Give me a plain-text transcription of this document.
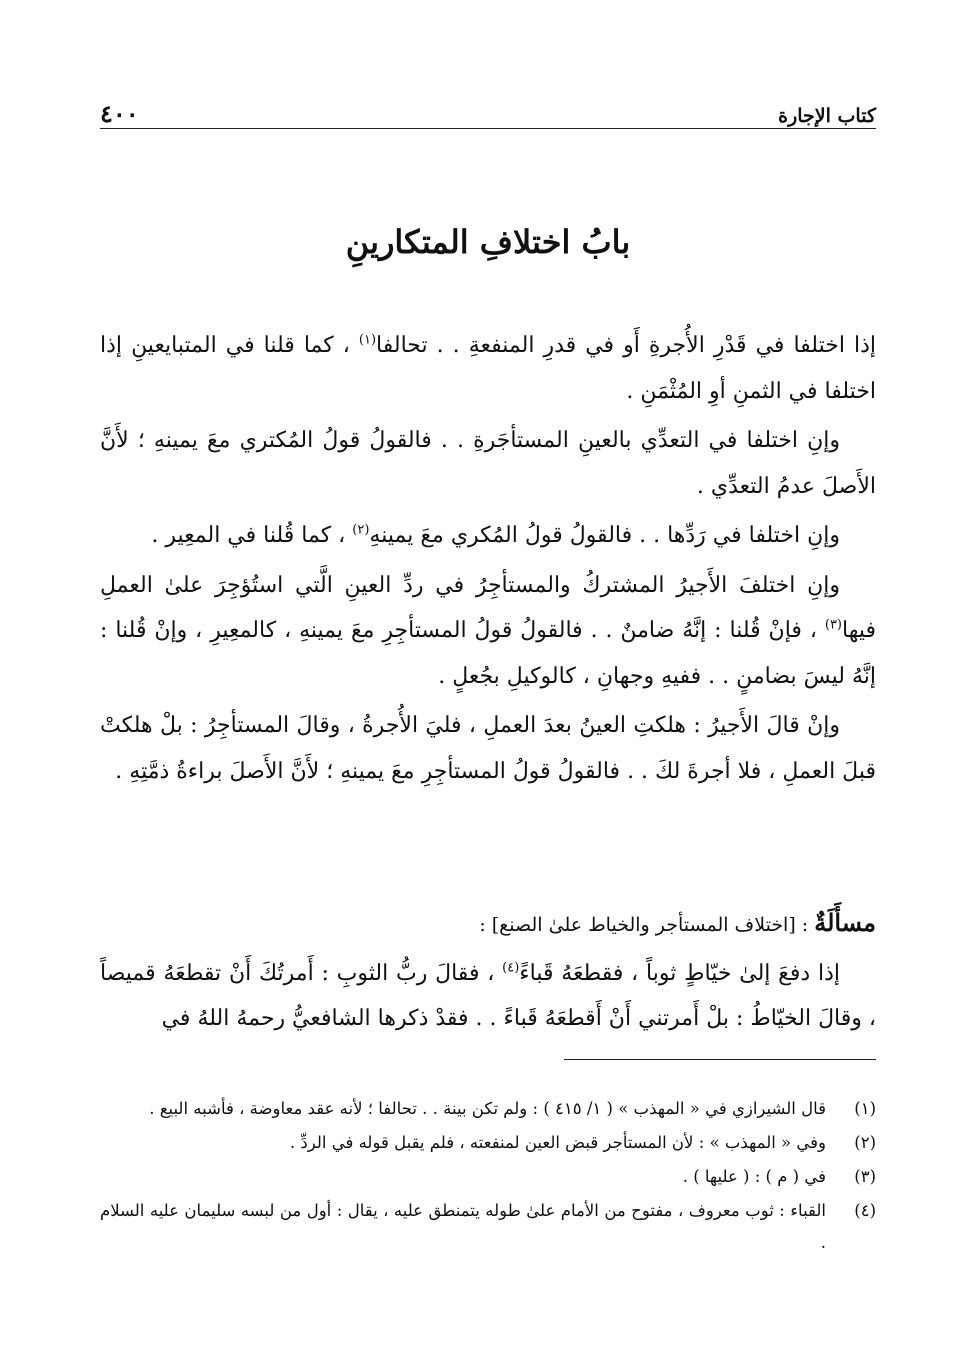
كتاب الإجارة
٤٠٠
بابُ اختلافِ المتكارينِ

إذا اختلفا في قَدْرِ الأُجرةِ أَو في قدرِ المنفعةِ . . تحالفا$^{(١)}$ ، كما قلنا في المتبايعينِ إذا اختلفا في الثمنِ أوِ المُثْمَنِ .

وإنِ اختلفا في التعدِّي بالعينِ المستأجَرةِ . . فالقولُ قولُ المُكتري معَ يمينهِ ؛ لأَنَّ الأَصلَ عدمُ التعدِّي .

وإنِ اختلفا في رَدِّها . . فالقولُ قولُ المُكري معَ يمينهِ$^{(٢)}$ ، كما قُلنا في المعِير .

وإنِ اختلفَ الأَجيرُ المشتركُ والمستأجِرُ في ردِّ العينِ الَّتي استُؤجِرَ علىٰ العملِ فيها$^{(٣)}$ ، فإنْ قُلنا : إنَّهُ ضامنٌ . . فالقولُ قولُ المستأجِرِ معَ يمينهِ ، كالمعِيرِ ، وإنْ قُلنا : إنَّهُ ليسَ بضامنٍ . . ففيهِ وجهانِ ، كالوكيلِ بجُعلٍ .

وإنْ قالَ الأَجيرُ : هلكتِ العينُ بعدَ العملِ ، فليَ الأُجرةُ ، وقالَ المستأجِرُ : بلْ هلكتْ قبلَ العملِ ، فلا أجرةَ لكَ . . فالقولُ قولُ المستأجِرِ معَ يمينهِ ؛ لأَنَّ الأَصلَ براءةُ ذمَّتِهِ .

مسأَلَةٌ : [اختلاف المستأجر والخياط علىٰ الصنع] :

إذا دفعَ إلىٰ خيّاطٍ ثوباً ، فقطعَهُ قَباءً$^{(٤)}$ ، فقالَ ربُّ الثوبِ : أَمرتُكَ أَنْ تقطعَهُ قميصاً ، وقالَ الخيّاطُ : بلْ أَمرتني أَنْ أَقطعَهُ قَباءً . . فقدْ ذكرها الشافعيُّ رحمهُ اللهُ في

(١)
قال الشيرازي في « المهذب » ( ١/ ٤١٥ ) : ولم تكن بينة . . تحالفا ؛ لأنه عقد معاوضة ، فأشبه البيع .
(٢)
وفي « المهذب » : لأن المستأجر قبض العين لمنفعته ، فلم يقبل قوله في الردِّ .
(٣)
في ( م ) : ( عليها ) .
(٤)
القباء : ثوب معروف ، مفتوح من الأمام علىٰ طوله يتمنطق عليه ، يقال : أول من لبسه سليمان عليه السلام .
